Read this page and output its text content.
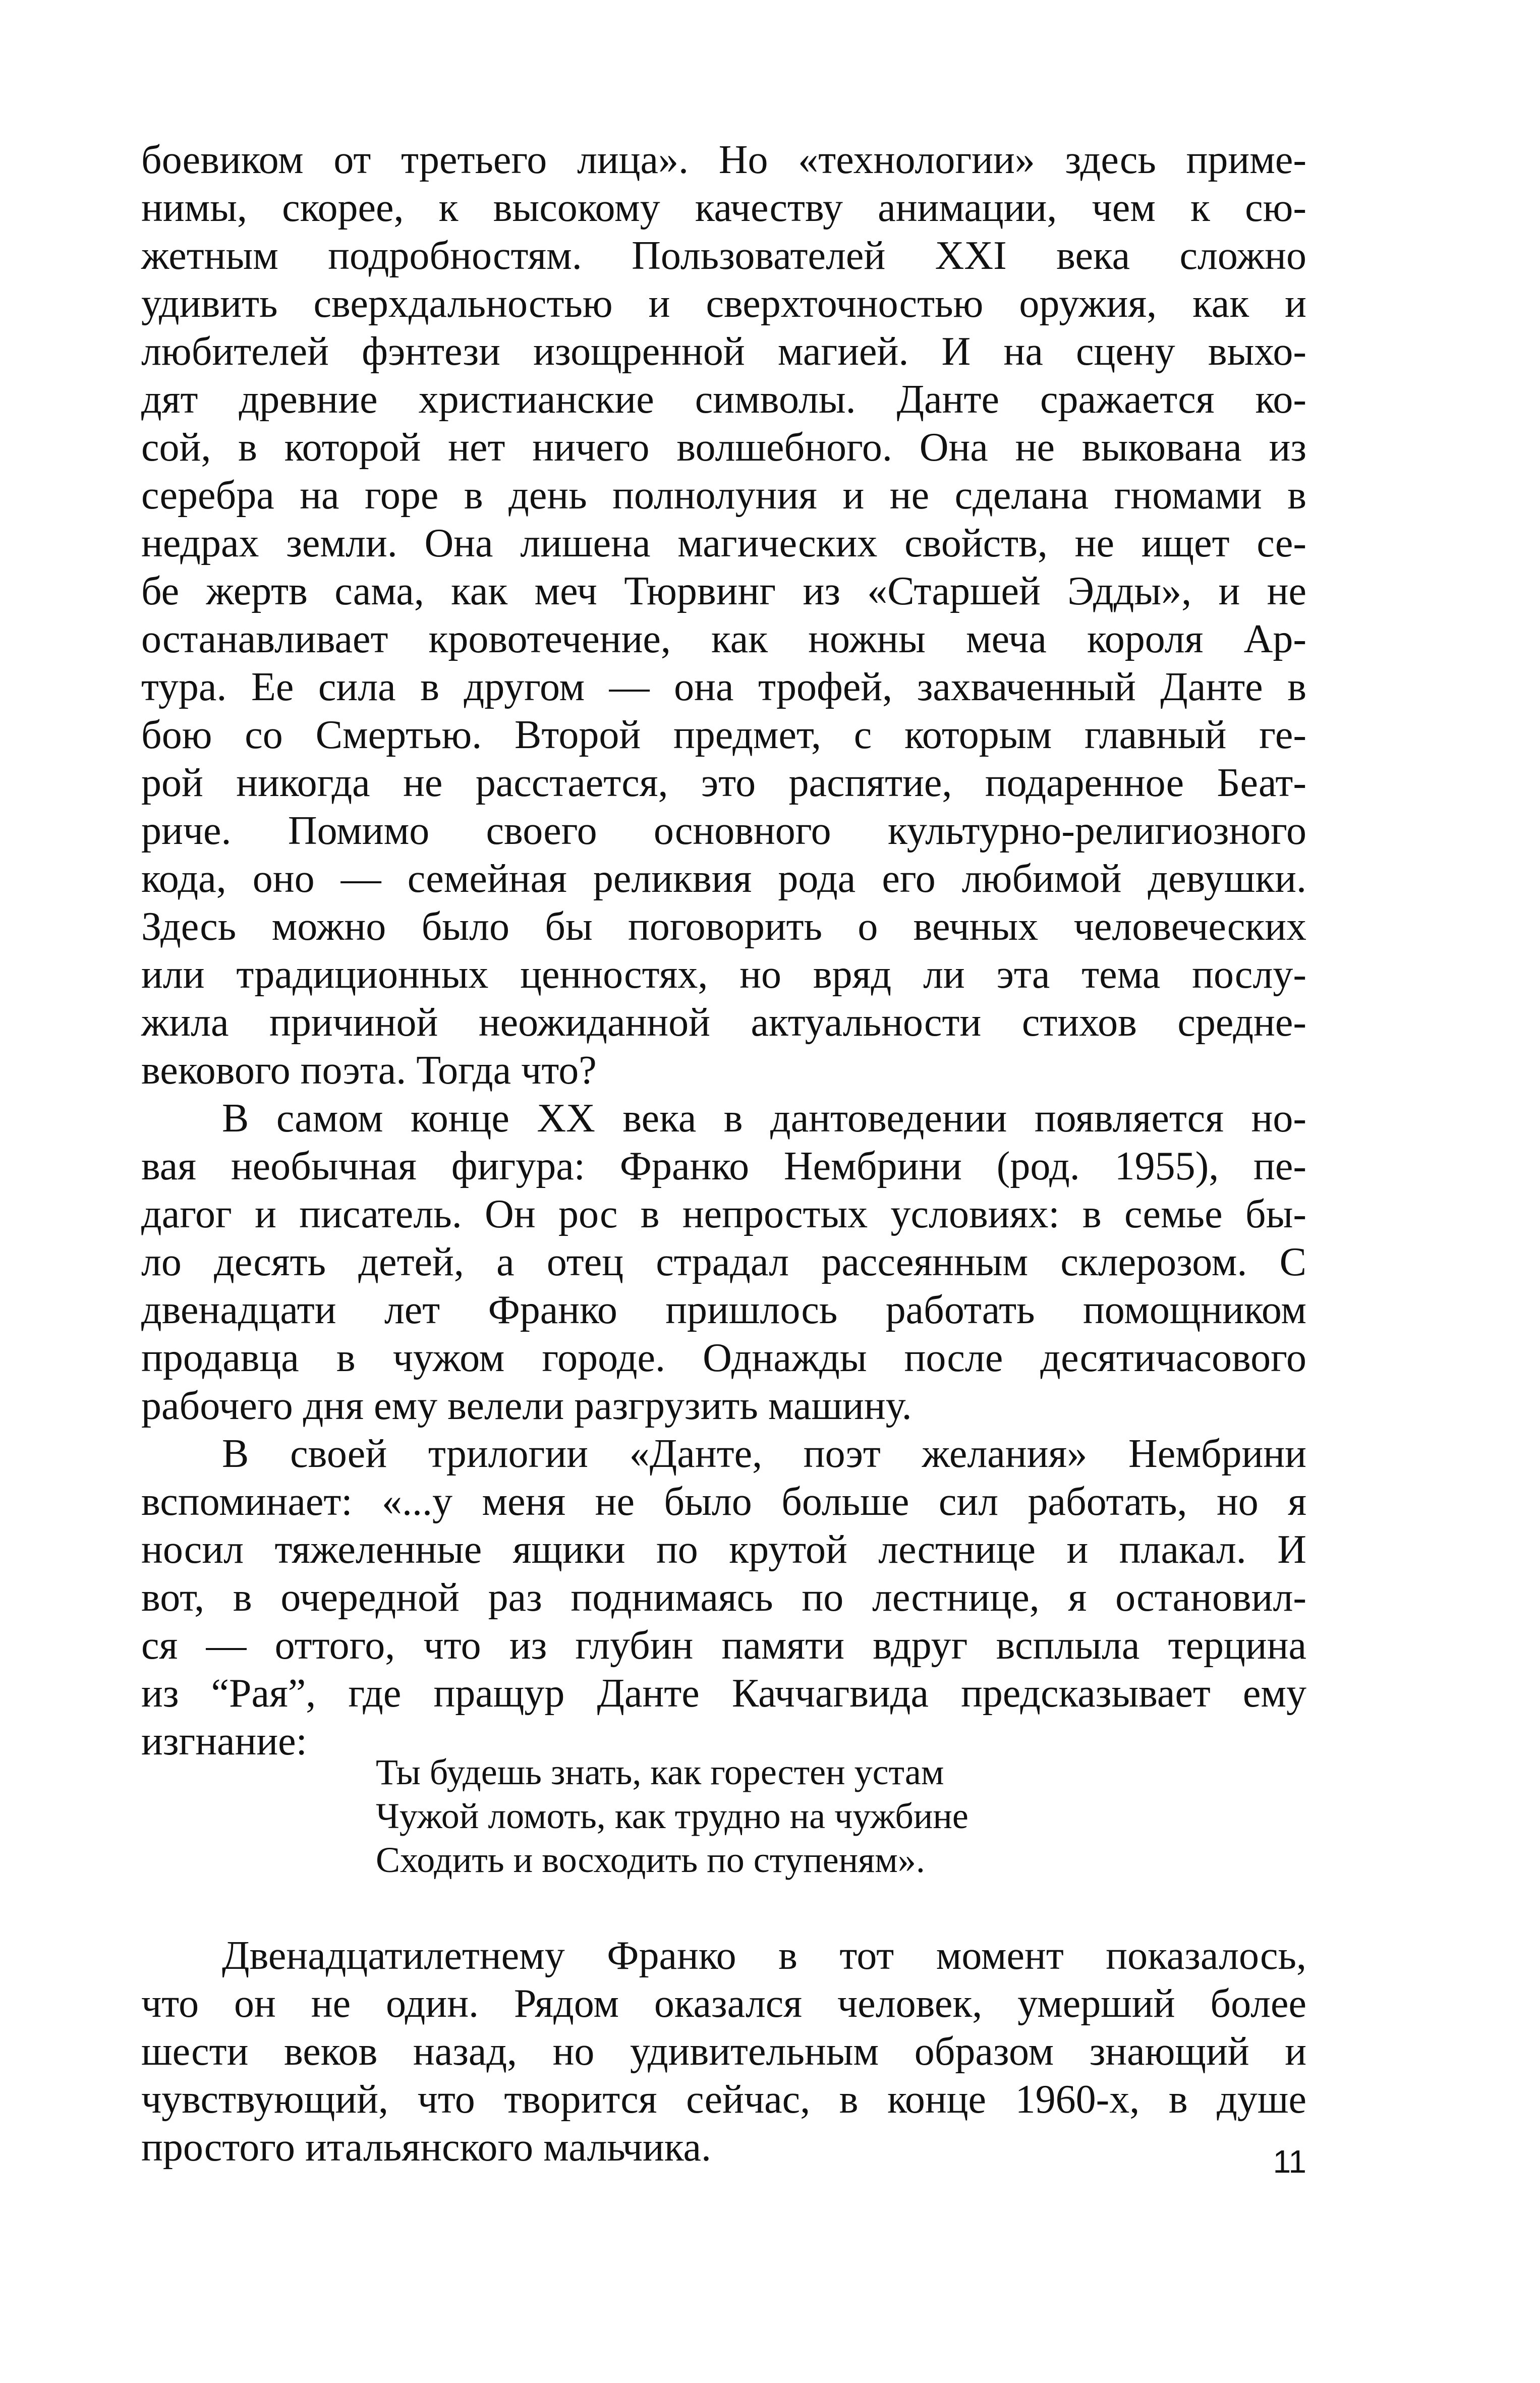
боевиком от третьего лица». Но «технологии» здесь приме-
нимы, скорее, к высокому качеству анимации, чем к сю-
жетным подробностям. Пользователей XXI века сложно
удивить сверхдальностью и сверхточностью оружия, как и
любителей фэнтези изощренной магией. И на сцену выхо-
дят древние христианские символы. Данте сражается ко-
сой, в которой нет ничего волшебного. Она не выкована из
серебра на горе в день полнолуния и не сделана гномами в
недрах земли. Она лишена магических свойств, не ищет се-
бе жертв сама, как меч Тюрвинг из «Старшей Эдды», и не
останавливает кровотечение, как ножны меча короля Ар-
тура. Ее сила в другом — она трофей, захваченный Данте в
бою со Смертью. Второй предмет, с которым главный ге-
рой никогда не расстается, это распятие, подаренное Беат-
риче. Помимо своего основного культурно-религиозного
кода, оно — семейная реликвия рода его любимой девушки.
Здесь можно было бы поговорить о вечных человеческих
или традиционных ценностях, но вряд ли эта тема послу-
жила причиной неожиданной актуальности стихов средне-
векового поэта. Тогда что?
В самом конце XX века в дантоведении появляется но-
вая необычная фигура: Франко Нембрини (род. 1955), пе-
дагог и писатель. Он рос в непростых условиях: в семье бы-
ло десять детей, а отец страдал рассеянным склерозом. С
двенадцати лет Франко пришлось работать помощником
продавца в чужом городе. Однажды после десятичасового
рабочего дня ему велели разгрузить машину.
В своей трилогии «Данте, поэт желания» Нембрини
вспоминает: «...у меня не было больше сил работать, но я
носил тяжеленные ящики по крутой лестнице и плакал. И
вот, в очередной раз поднимаясь по лестнице, я остановил-
ся — оттого, что из глубин памяти вдруг всплыла терцина
из “Рая”, где пращур Данте Каччагвида предсказывает ему
изгнание:
Ты будешь знать, как горестен устам
Чужой ломоть, как трудно на чужбине
Сходить и восходить по ступеням».
Двенадцатилетнему Франко в тот момент показалось,
что он не один. Рядом оказался человек, умерший более
шести веков назад, но удивительным образом знающий и
чувствующий, что творится сейчас, в конце 1960-х, в душе
простого итальянского мальчика.	11
